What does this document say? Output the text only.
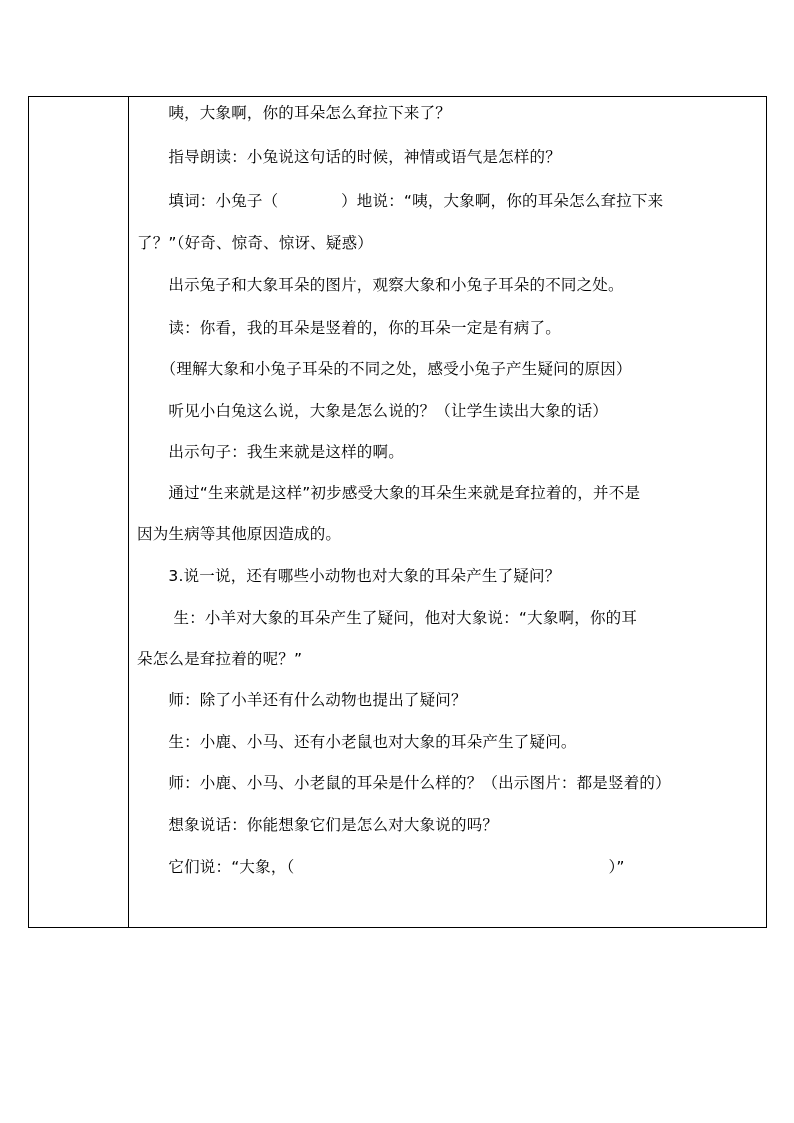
　　咦，大象啊，你的耳朵怎么耷拉下来了？
　　指导朗读：小兔说这句话的时候，神情或语气是怎样的？
　　填词：小兔子（　　　　）地说：“咦，大象啊，你的耳朵怎么耷拉下来
了？”（好奇、惊奇、惊讶、疑惑）
　　出示兔子和大象耳朵的图片，观察大象和小兔子耳朵的不同之处。
　　读：你看，我的耳朵是竖着的，你的耳朵一定是有病了。
　　（理解大象和小兔子耳朵的不同之处，感受小兔子产生疑问的原因）
　　听见小白兔这么说，大象是怎么说的？（让学生读出大象的话）
　　出示句子：我生来就是这样的啊。
　　通过“生来就是这样”初步感受大象的耳朵生来就是耷拉着的，并不是
因为生病等其他原因造成的。
　　3.说一说，还有哪些小动物也对大象的耳朵产生了疑问？
　　 生：小羊对大象的耳朵产生了疑问，他对大象说：“大象啊，你的耳
朵怎么是耷拉着的呢？”
　　师：除了小羊还有什么动物也提出了疑问？
　　生：小鹿、小马、还有小老鼠也对大象的耳朵产生了疑问。
　　师：小鹿、小马、小老鼠的耳朵是什么样的？（出示图片：都是竖着的）
　　想象说话：你能想象它们是怎么对大象说的吗？
　　它们说：“大象，（　　　　　　　　　　　　　　　　　　　　）”
